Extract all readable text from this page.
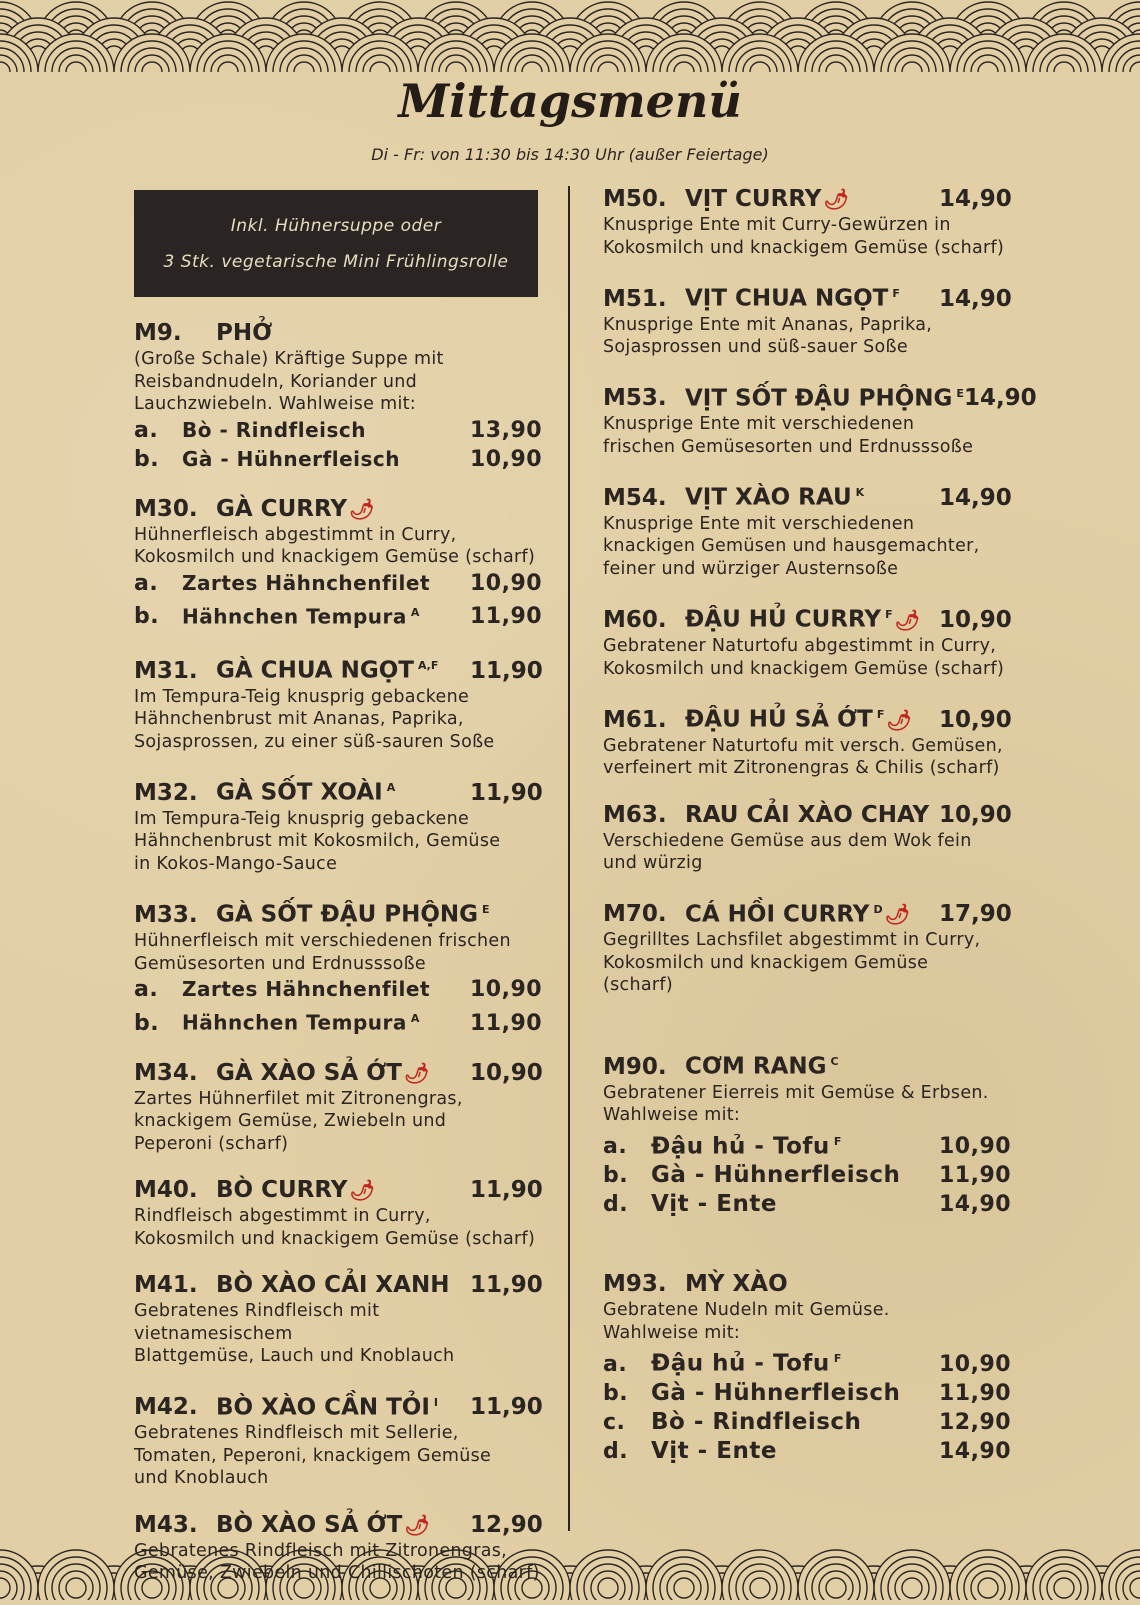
Mittagsmenü
Di - Fr: von 11:30 bis 14:30 Uhr (außer Feiertage)
Inkl. Hühnersuppe oder
3 Stk. vegetarische Mini Frühlingsrolle
M9.	PHỞ
(Große Schale) Kräftige Suppe mit
Reisbandnudeln, Koriander und
Lauchzwiebeln. Wahlweise mit:
a.	Bò - Rindfleisch	13,90
b.	Gà - Hühnerfleisch	10,90
M30. GÀ CURRY 🌶
Hühnerfleisch abgestimmt in Curry,
Kokosmilch und knackigem Gemüse (scharf)
a.	Zartes Hähnchenfilet	10,90
b.	Hähnchen Tempura $^A$	11,90
M31. GÀ CHUA NGỌT $^{A,F}$	11,90
Im Tempura-Teig knusprig gebackene
Hähnchenbrust mit Ananas, Paprika,
Sojasprossen, zu einer süß-sauren Soße
M32. GÀ SỐT XOÀI $^A$	11,90
Im Tempura-Teig knusprig gebackene
Hähnchenbrust mit Kokosmilch, Gemüse
in Kokos-Mango-Sauce
M33. GÀ SỐT ĐẬU PHỘNG $^E$
Hühnerfleisch mit verschiedenen frischen
Gemüsesorten und Erdnusssoße
a.	Zartes Hähnchenfilet	10,90
b.	Hähnchen Tempura $^A$	11,90
M34. GÀ XÀO SẢ ỚT 🌶	10,90
Zartes Hühnerfilet mit Zitronengras,
knackigem Gemüse, Zwiebeln und
Peperoni (scharf)
M40. BÒ CURRY 🌶	11,90
Rindfleisch abgestimmt in Curry,
Kokosmilch und knackigem Gemüse (scharf)
M41. BÒ XÀO CẢI XANH 11,90
Gebratenes Rindfleisch mit vietnamesischem
Blattgemüse, Lauch und Knoblauch
M42. BÒ XÀO CẦN TỎI $^I$	11,90
Gebratenes Rindfleisch mit Sellerie,
Tomaten, Peperoni, knackigem Gemüse
und Knoblauch
M43. BÒ XÀO SẢ ỚT 🌶	12,90
Gebratenes Rindfleisch mit Zitronengras,
Gemüse, Zwiebeln und Chillischoten (scharf)
M50. VỊT CURRY 🌶	14,90
Knusprige Ente mit Curry-Gewürzen in
Kokosmilch und knackigem Gemüse (scharf)
M51. VỊT CHUA NGỌT $^F$	14,90
Knusprige Ente mit Ananas, Paprika,
Sojasprossen und süß-sauer Soße
M53. VỊT SỐT ĐẬU PHỘNG $^E$ 14,90
Knusprige Ente mit verschiedenen
frischen Gemüsesorten und Erdnusssoße
M54. VỊT XÀO RAU $^K$	14,90
Knusprige Ente mit verschiedenen
knackigen Gemüsen und hausgemachter,
feiner und würziger Austernsoße
M60. ĐẬU HỦ CURRY $^F$ 🌶 10,90
Gebratener Naturtofu abgestimmt in Curry,
Kokosmilch und knackigem Gemüse (scharf)
M61. ĐẬU HỦ SẢ ỚT $^F$ 🌶	10,90
Gebratener Naturtofu mit versch. Gemüsen,
verfeinert mit Zitronengras & Chilis (scharf)
M63. RAU CẢI XÀO CHAY 10,90
Verschiedene Gemüse aus dem Wok fein
und würzig
M70. CÁ HỒI CURRY $^D$ 🌶	17,90
Gegrilltes Lachsfilet abgestimmt in Curry,
Kokosmilch und knackigem Gemüse
(scharf)
M90. CƠM RANG $^C$
Gebratener Eierreis mit Gemüse & Erbsen.
Wahlweise mit:
a.	Đậu hủ - Tofu $^F$	10,90
b. Gà - Hühnerfleisch	11,90
d. Vịt - Ente	14,90
M93. MỲ XÀO
Gebratene Nudeln mit Gemüse.
Wahlweise mit:
a.	Đậu hủ - Tofu $^F$	10,90
b. Gà - Hühnerfleisch	11,90
c.	Bò - Rindfleisch	12,90
d. Vịt - Ente	14,90
